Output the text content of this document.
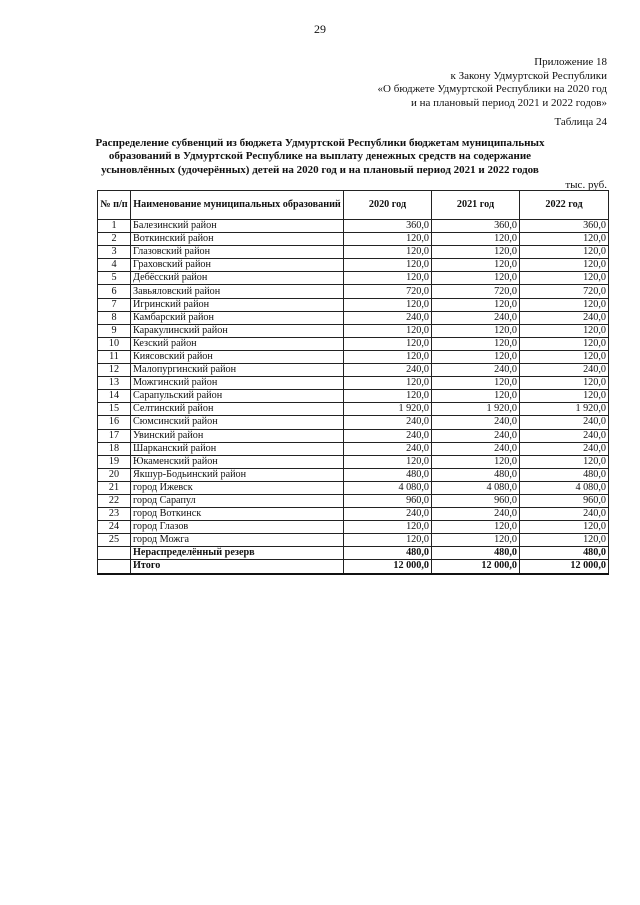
29
Приложение 18
к Закону Удмуртской Республики
«О бюджете Удмуртской Республики на 2020 год
и на плановый период 2021 и 2022 годов»
Таблица 24
Распределение субвенций из бюджета Удмуртской Республики бюджетам муниципальных образований в Удмуртской Республике на выплату денежных средств на содержание усыновлённых (удочерённых) детей на 2020 год и на плановый период 2021 и 2022 годов
тыс. руб.
№ п/п	Наименование муниципальных образований	2020 год	2021 год	2022 год
1	Балезинский район	360,0	360,0	360,0
2	Воткинский район	120,0	120,0	120,0
3	Глазовский район	120,0	120,0	120,0
4	Граховский район	120,0	120,0	120,0
5	Дебёсский район	120,0	120,0	120,0
6	Завьяловский район	720,0	720,0	720,0
7	Игринский район	120,0	120,0	120,0
8	Камбарский район	240,0	240,0	240,0
9	Каракулинский район	120,0	120,0	120,0
10	Кезский район	120,0	120,0	120,0
11	Киясовский район	120,0	120,0	120,0
12	Малопургинский район	240,0	240,0	240,0
13	Можгинский район	120,0	120,0	120,0
14	Сарапульский район	120,0	120,0	120,0
15	Селтинский район	1 920,0	1 920,0	1 920,0
16	Сюмсинский район	240,0	240,0	240,0
17	Увинский район	240,0	240,0	240,0
18	Шарканский район	240,0	240,0	240,0
19	Юкаменский район	120,0	120,0	120,0
20	Якшур-Бодьинский район	480,0	480,0	480,0
21	город Ижевск	4 080,0	4 080,0	4 080,0
22	город Сарапул	960,0	960,0	960,0
23	город Воткинск	240,0	240,0	240,0
24	город Глазов	120,0	120,0	120,0
25	город Можга	120,0	120,0	120,0
	Нераспределённый резерв	480,0	480,0	480,0
	Итого	12 000,0	12 000,0	12 000,0
